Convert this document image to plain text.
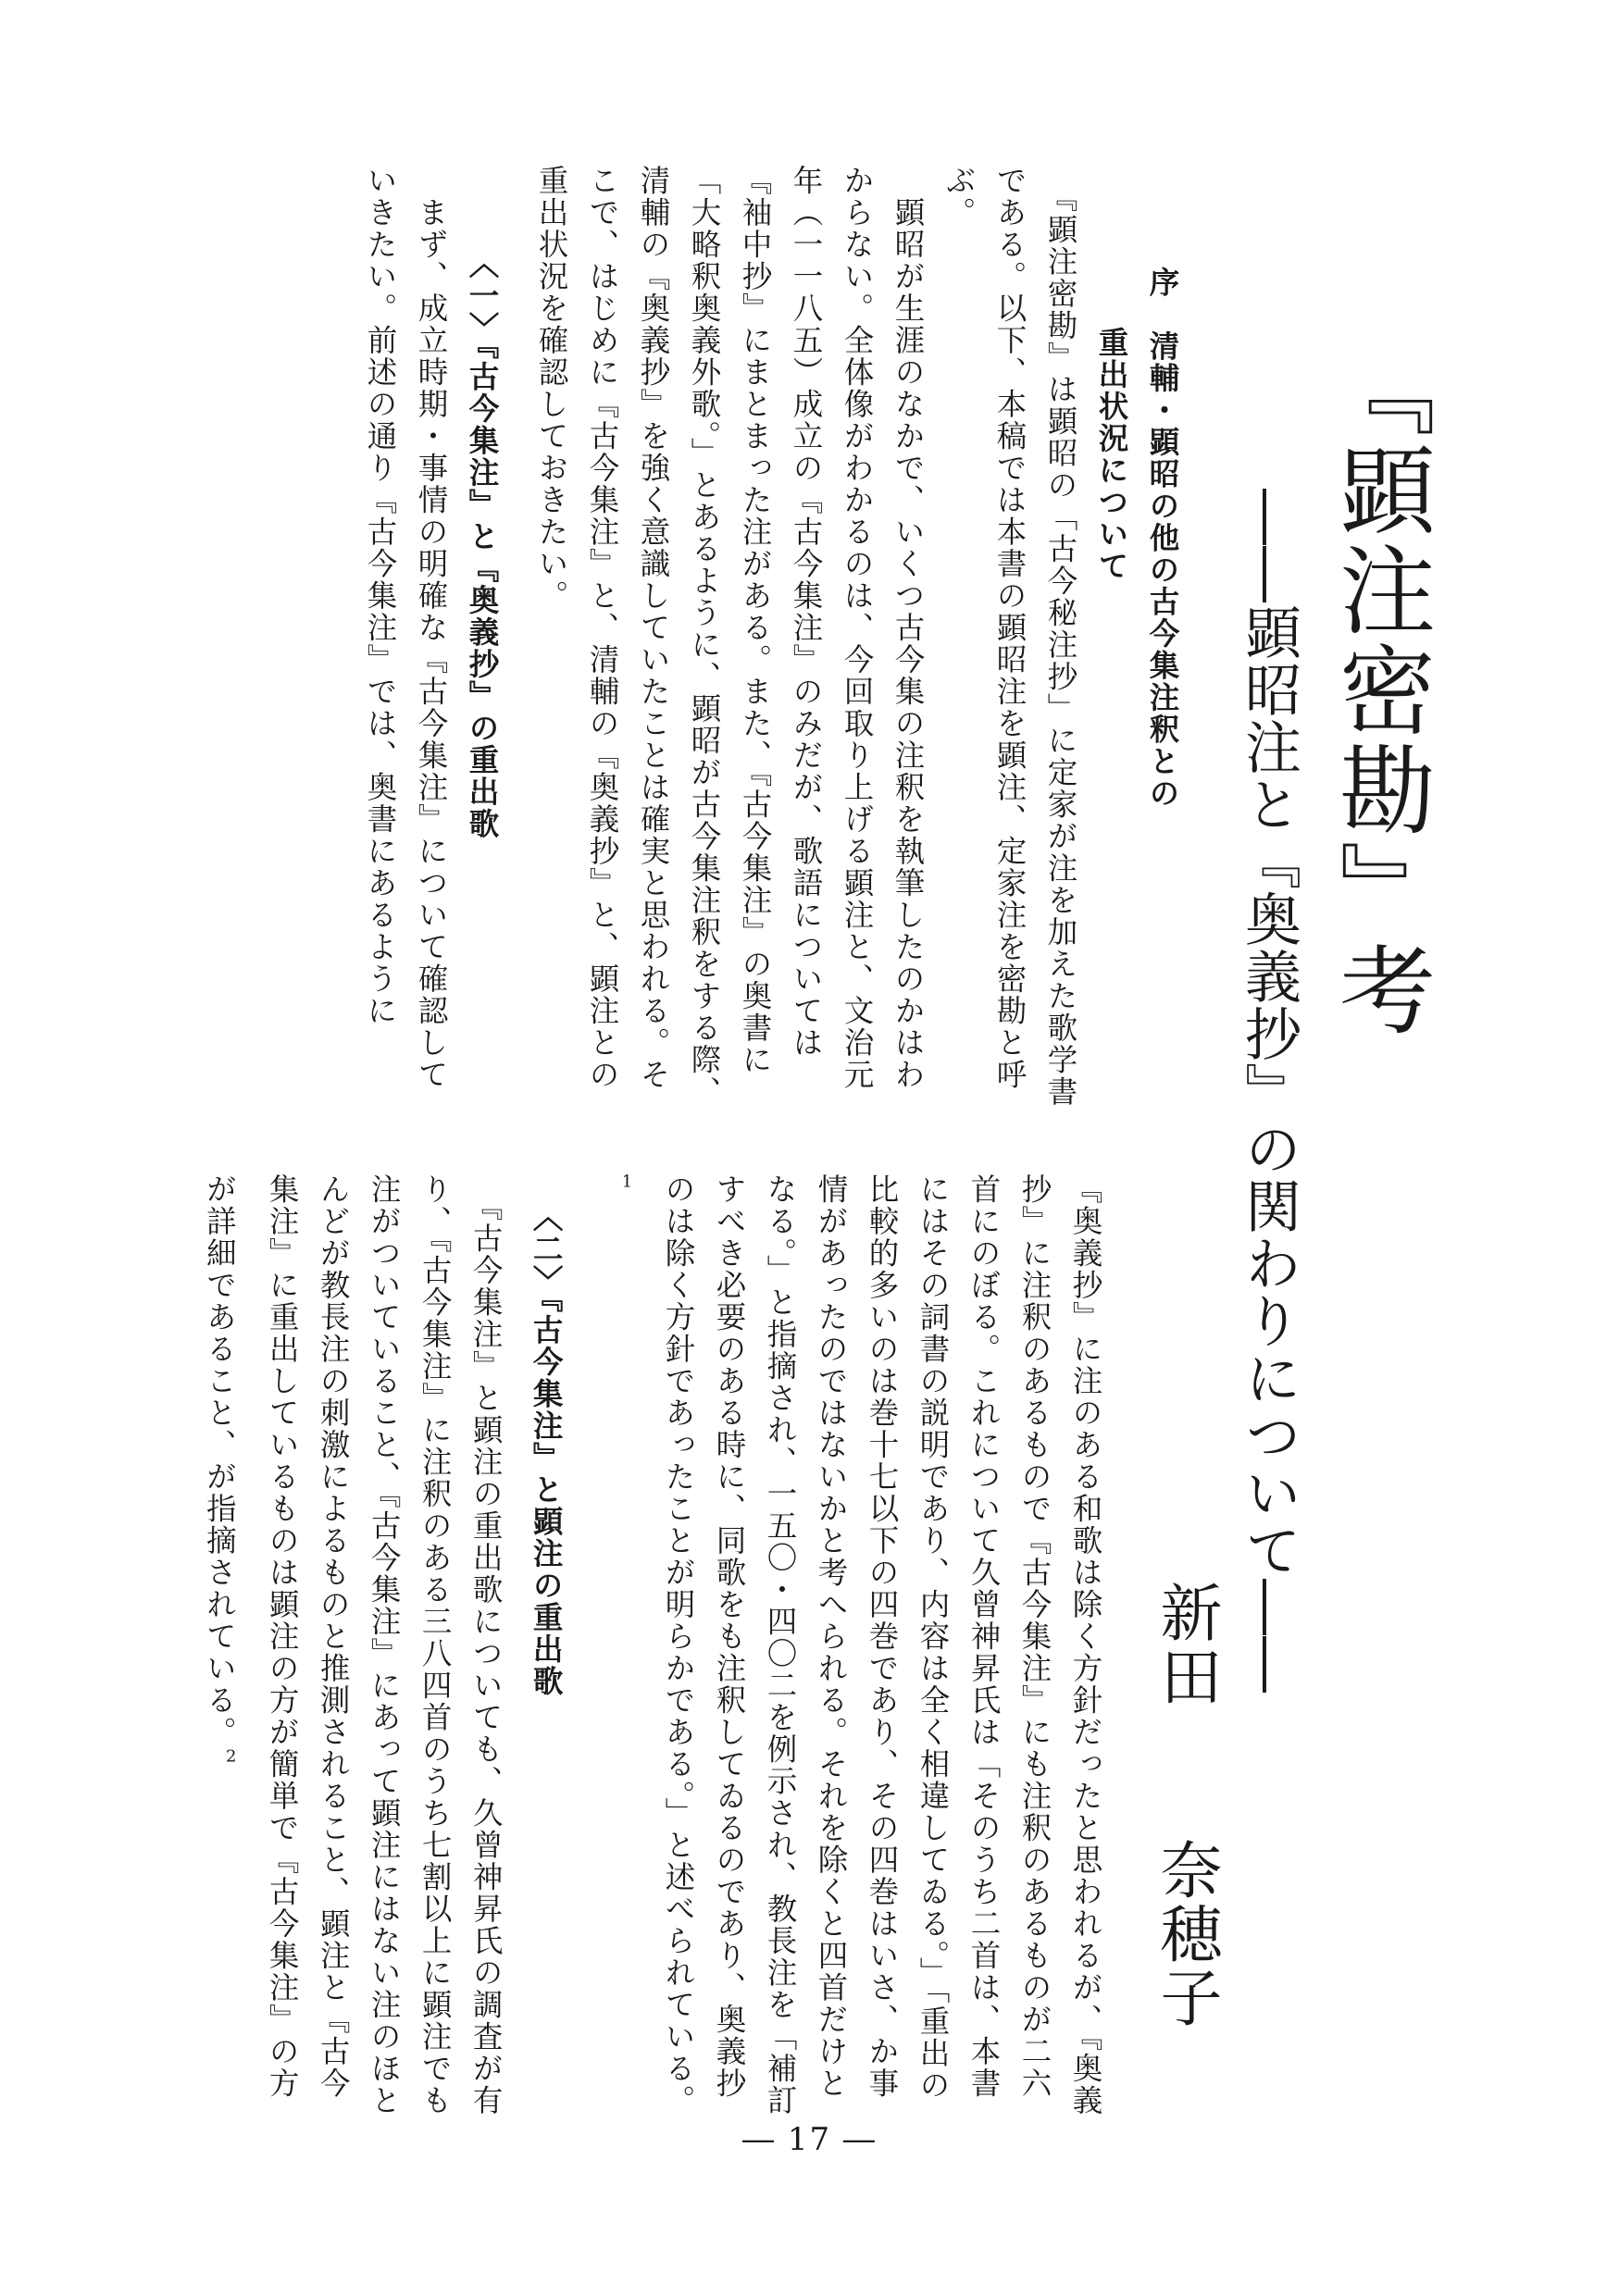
『顕注密勘』考
――顕昭注と『奥義抄』の関わりについて――
新田奈穂子
序　清輔・顕昭の他の古今集注釈との
重出状況について
　『顕注密勘』は顕昭の「古今秘注抄」に定家が注を加えた歌学書である。以下、本稿では本書の顕昭注を顕注、定家注を密勘と呼ぶ。
　顕昭が生涯のなかで、いくつ古今集の注釈を執筆したのかはわからない。全体像がわかるのは、今回取り上げる顕注と、文治元年（一一八五）成立の『古今集注』のみだが、歌語については『袖中抄』にまとまった注がある。また、『古今集注』の奥書に「大略釈奥義外歌。」とあるように、顕昭が古今集注釈をする際、清輔の『奥義抄』を強く意識していたことは確実と思われる。そこで、はじめに『古今集注』と、清輔の『奥義抄』と、顕注との重出状況を確認しておきたい。
〈一〉『古今集注』と『奥義抄』の重出歌
　まず、成立時期・事情の明確な『古今集注』について確認していきたい。前述の通り『古今集注』では、奥書にあるように
『奥義抄』に注のある和歌は除く方針だったと思われるが、『奥義抄』に注釈のあるもので『古今集注』にも注釈のあるものが二六首にのぼる。これについて久曾神昇氏は「そのうち二首は、本書にはその詞書の説明であり、内容は全く相違してゐる。」「重出の比較的多いのは巻十七以下の四巻であり、その四巻はいさ、か事情があったのではないかと考へられる。それを除くと四首だけとなる。」と指摘され、一五〇・四〇二を例示され、教長注を「補訂すべき必要のある時に、同歌をも注釈してゐるのであり、奥義抄のは除く方針であったことが明らかである。」と述べられている。$^1$
〈二〉『古今集注』と顕注の重出歌
　『古今集注』と顕注の重出歌についても、久曾神昇氏の調査が有り、『古今集注』に注釈のある三八四首のうち七割以上に顕注でも注がついていること、『古今集注』にあって顕注にはない注のほとんどが教長注の刺激によるものと推測されること、顕注と『古今集注』に重出しているものは顕注の方が簡単で『古今集注』の方が詳細であること、が指摘されている。$^2$
― 17 ―
